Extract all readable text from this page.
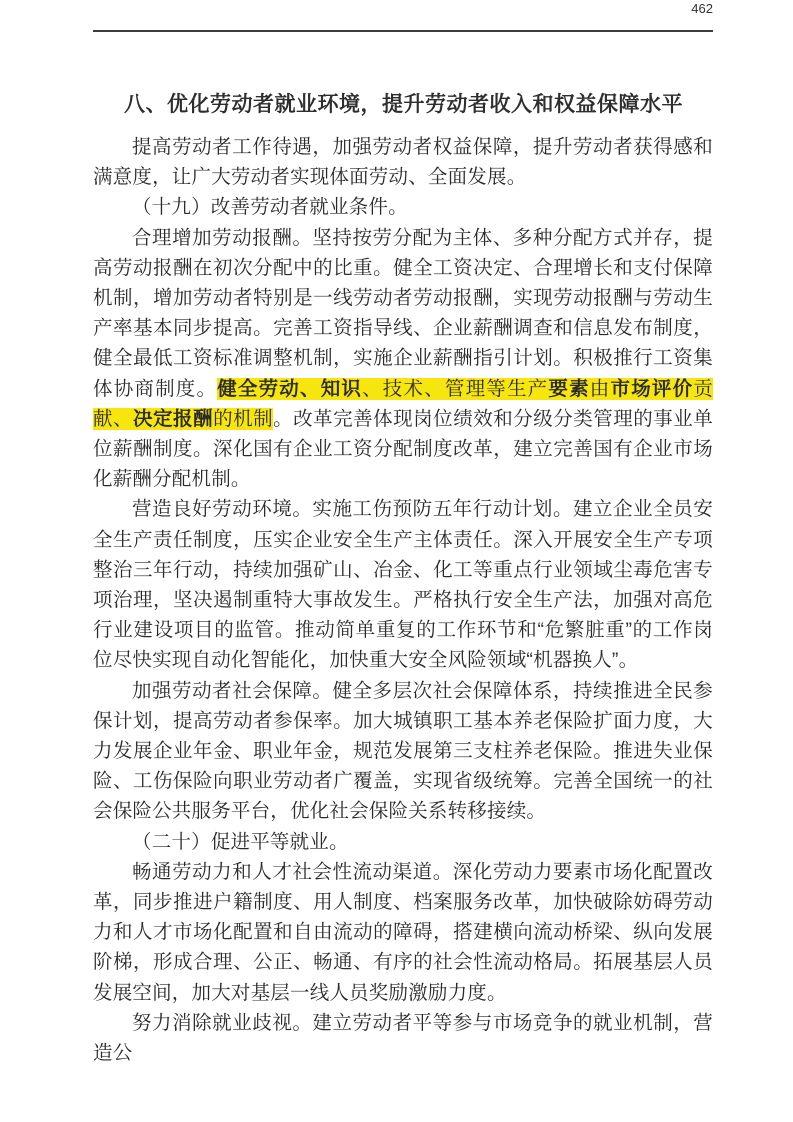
462
八、优化劳动者就业环境，提升劳动者收入和权益保障水平

提高劳动者工作待遇，加强劳动者权益保障，提升劳动者获得感和满意度，让广大劳动者实现体面劳动、全面发展。

（十九）改善劳动者就业条件。

合理增加劳动报酬。坚持按劳分配为主体、多种分配方式并存，提高劳动报酬在初次分配中的比重。健全工资决定、合理增长和支付保障机制，增加劳动者特别是一线劳动者劳动报酬，实现劳动报酬与劳动生产率基本同步提高。完善工资指导线、企业薪酬调查和信息发布制度，健全最低工资标准调整机制，实施企业薪酬指引计划。积极推行工资集体协商制度。健全劳动、知识、技术、管理等生产要素由市场评价贡献、决定报酬的机制。改革完善体现岗位绩效和分级分类管理的事业单位薪酬制度。深化国有企业工资分配制度改革，建立完善国有企业市场化薪酬分配机制。

营造良好劳动环境。实施工伤预防五年行动计划。建立企业全员安全生产责任制度，压实企业安全生产主体责任。深入开展安全生产专项整治三年行动，持续加强矿山、冶金、化工等重点行业领域尘毒危害专项治理，坚决遏制重特大事故发生。严格执行安全生产法，加强对高危行业建设项目的监管。推动简单重复的工作环节和“危繁脏重”的工作岗位尽快实现自动化智能化，加快重大安全风险领域“机器换人”。

加强劳动者社会保障。健全多层次社会保障体系，持续推进全民参保计划，提高劳动者参保率。加大城镇职工基本养老保险扩面力度，大力发展企业年金、职业年金，规范发展第三支柱养老保险。推进失业保险、工伤保险向职业劳动者广覆盖，实现省级统筹。完善全国统一的社会保险公共服务平台，优化社会保险关系转移接续。

（二十）促进平等就业。

畅通劳动力和人才社会性流动渠道。深化劳动力要素市场化配置改革，同步推进户籍制度、用人制度、档案服务改革，加快破除妨碍劳动力和人才市场化配置和自由流动的障碍，搭建横向流动桥梁、纵向发展阶梯，形成合理、公正、畅通、有序的社会性流动格局。拓展基层人员发展空间，加大对基层一线人员奖励激励力度。

努力消除就业歧视。建立劳动者平等参与市场竞争的就业机制，营造公
